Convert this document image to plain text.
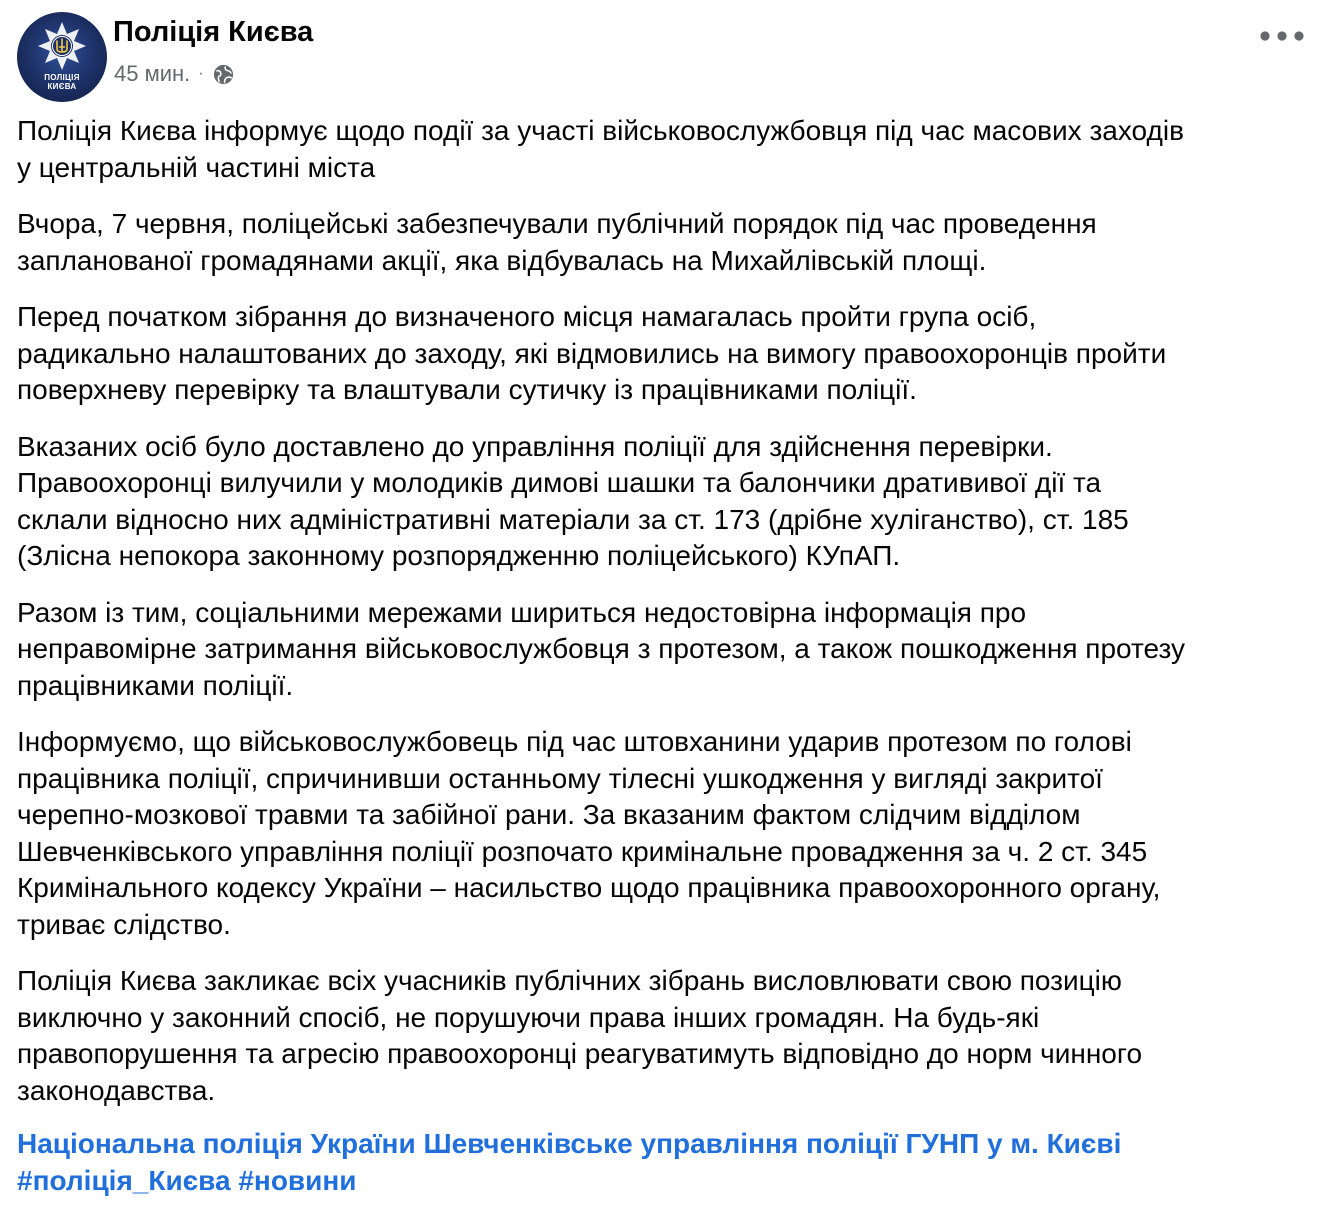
ПОЛІЦІЯ
КИЄВА
Поліція Києва
45 мин. ·

Поліція Києва інформує щодо події за участі військовослужбовця під час масових заходів
у центральній частині міста

Вчора, 7 червня, поліцейські забезпечували публічний порядок під час проведення
запланованої громадянами акції, яка відбувалась на Михайлівській площі.

Перед початком зібрання до визначеного місця намагалась пройти група осіб,
радикально налаштованих до заходу, які відмовились на вимогу правоохоронців пройти
поверхневу перевірку та влаштували сутичку із працівниками поліції.

Вказаних осіб було доставлено до управління поліції для здійснення перевірки.
Правоохоронці вилучили у молодиків димові шашки та балончики дратививої дії та
склали відносно них адміністративні матеріали за ст. 173 (дрібне хуліганство), ст. 185
(Злісна непокора законному розпорядженню поліцейського) КУпАП.

Разом із тим, соціальними мережами шириться недостовірна інформація про
неправомірне затримання військовослужбовця з протезом, а також пошкодження протезу
працівниками поліції.

Інформуємо, що військовослужбовець під час штовханини ударив протезом по голові
працівника поліції, спричинивши останньому тілесні ушкодження у вигляді закритої
черепно-мозкової травми та забійної рани. За вказаним фактом слідчим відділом
Шевченківського управління поліції розпочато кримінальне провадження за ч. 2 ст. 345
Кримінального кодексу України – насильство щодо працівника правоохоронного органу,
триває слідство.

Поліція Києва закликає всіх учасників публічних зібрань висловлювати свою позицію
виключно у законний спосіб, не порушуючи права інших громадян. На будь-які
правопорушення та агресію правоохоронці реагуватимуть відповідно до норм чинного
законодавства.

Національна поліція України Шевченківське управління поліції ГУНП у м. Києві
#поліція_Києва #новини
